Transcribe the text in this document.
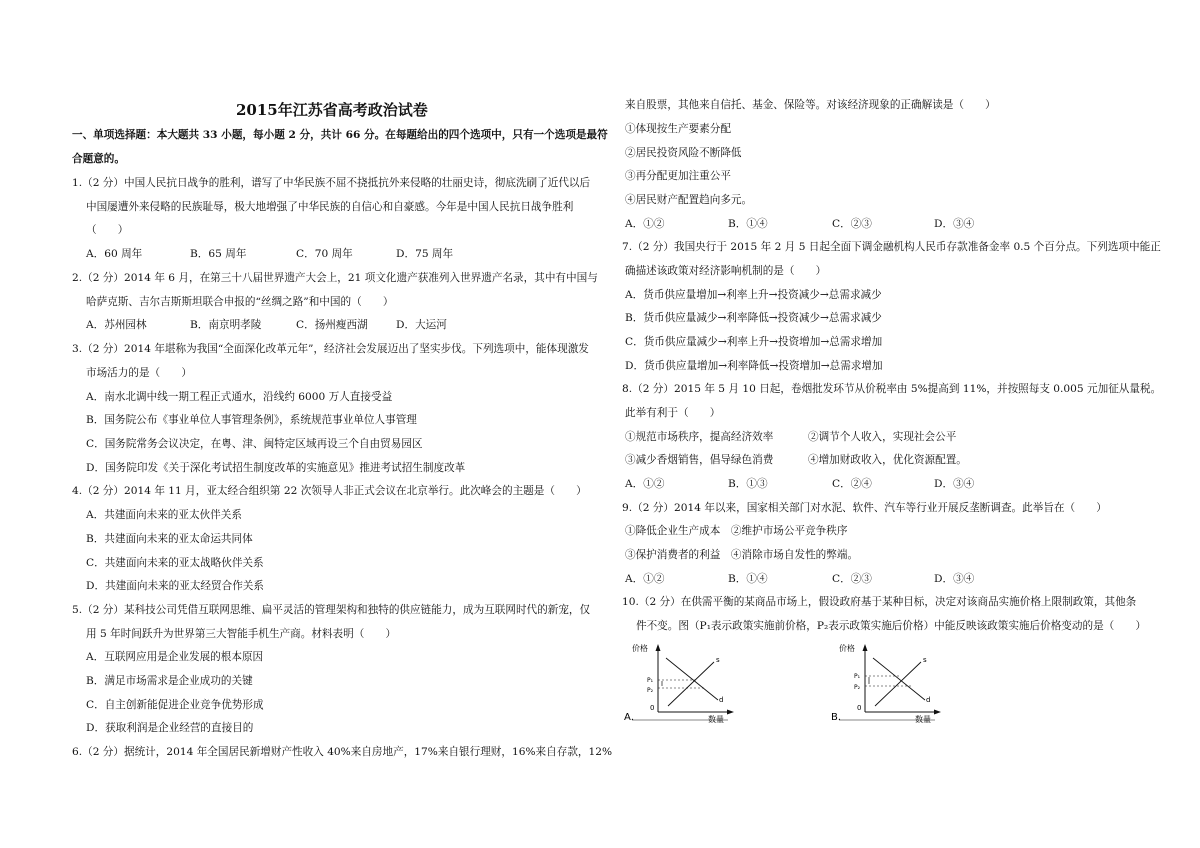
2015年江苏省高考政治试卷
一、单项选择题：本大题共 33 小题，每小题 2 分，共计 66 分。在每题给出的四个选项中，只有一个选项是最符
合题意的。
1.（2 分）中国人民抗日战争的胜利，谱写了中华民族不屈不挠抵抗外来侵略的壮丽史诗，彻底洗刷了近代以后
中国屡遭外来侵略的民族耻辱，极大地增强了中华民族的自信心和自豪感。今年是中国人民抗日战争胜利
（　　）
A．60 周年	B．65 周年	C．70 周年	D．75 周年
2.（2 分）2014 年 6 月，在第三十八届世界遗产大会上，21 项文化遗产获准列入世界遗产名录，其中有中国与
哈萨克斯、吉尔吉斯斯坦联合申报的“丝绸之路”和中国的（　　）
A．苏州园林	B．南京明孝陵	C．扬州瘦西湖	D．大运河
3.（2 分）2014 年堪称为我国“全面深化改革元年”，经济社会发展迈出了坚实步伐。下列选项中，能体现激发
市场活力的是（　　）
A．南水北调中线一期工程正式通水，沿线约 6000 万人直接受益
B．国务院公布《事业单位人事管理条例》，系统规范事业单位人事管理
C．国务院常务会议决定，在粤、津、闽特定区域再设三个自由贸易园区
D．国务院印发《关于深化考试招生制度改革的实施意见》推进考试招生制度改革
4.（2 分）2014 年 11 月，亚太经合组织第 22 次领导人非正式会议在北京举行。此次峰会的主题是（　　）
A．共建面向未来的亚太伙伴关系
B．共建面向未来的亚太命运共同体
C．共建面向未来的亚太战略伙伴关系
D．共建面向未来的亚太经贸合作关系
5.（2 分）某科技公司凭借互联网思维、扁平灵活的管理架构和独特的供应链能力，成为互联网时代的新宠，仅
用 5 年时间跃升为世界第三大智能手机生产商。材料表明（　　）
A．互联网应用是企业发展的根本原因
B．满足市场需求是企业成功的关键
C．自主创新能促进企业竞争优势形成
D．获取利润是企业经营的直接目的
6.（2 分）据统计，2014 年全国居民新增财产性收入 40%来自房地产，17%来自银行理财，16%来自存款，12%
来自股票，其他来自信托、基金、保险等。对该经济现象的正确解读是（　　）
①体现按生产要素分配
②居民投资风险不断降低
③再分配更加注重公平
④居民财产配置趋向多元。
A．①②	B．①④	C．②③	D．③④
7.（2 分）我国央行于 2015 年 2 月 5 日起全面下调金融机构人民币存款准备金率 0.5 个百分点。下列选项中能正
确描述该政策对经济影响机制的是（　　）
A．货币供应量增加→利率上升→投资减少→总需求减少
B．货币供应量减少→利率降低→投资减少→总需求减少
C．货币供应量减少→利率上升→投资增加→总需求增加
D．货币供应量增加→利率降低→投资增加→总需求增加
8.（2 分）2015 年 5 月 10 日起，卷烟批发环节从价税率由 5%提高到 11%，并按照每支 0.005 元加征从量税。
此举有利于（　　）
①规范市场秩序，提高经济效率	②调节个人收入，实现社会公平
③减少香烟销售，倡导绿色消费	④增加财政收入，优化资源配置。
A．①②	B．①③	C．②④	D．③④
9.（2 分）2014 年以来，国家相关部门对水泥、软件、汽车等行业开展反垄断调查。此举旨在（　　）
①降低企业生产成本　②维护市场公平竞争秩序
③保护消费者的利益　④消除市场自发性的弊端。
A．①②	B．①④	C．②③	D．③④
10.（2 分）在供需平衡的某商品市场上，假设政府基于某种目标，决定对该商品实施价格上限制政策，其他条
件不变。图（P₁表示政策实施前价格，P₂表示政策实施后价格）中能反映该政策实施后价格变动的是（　　）
A．
价格
数量
0
s
d
P₁
P₂
B．
价格
数量
0
s
d
P₁
P₂
